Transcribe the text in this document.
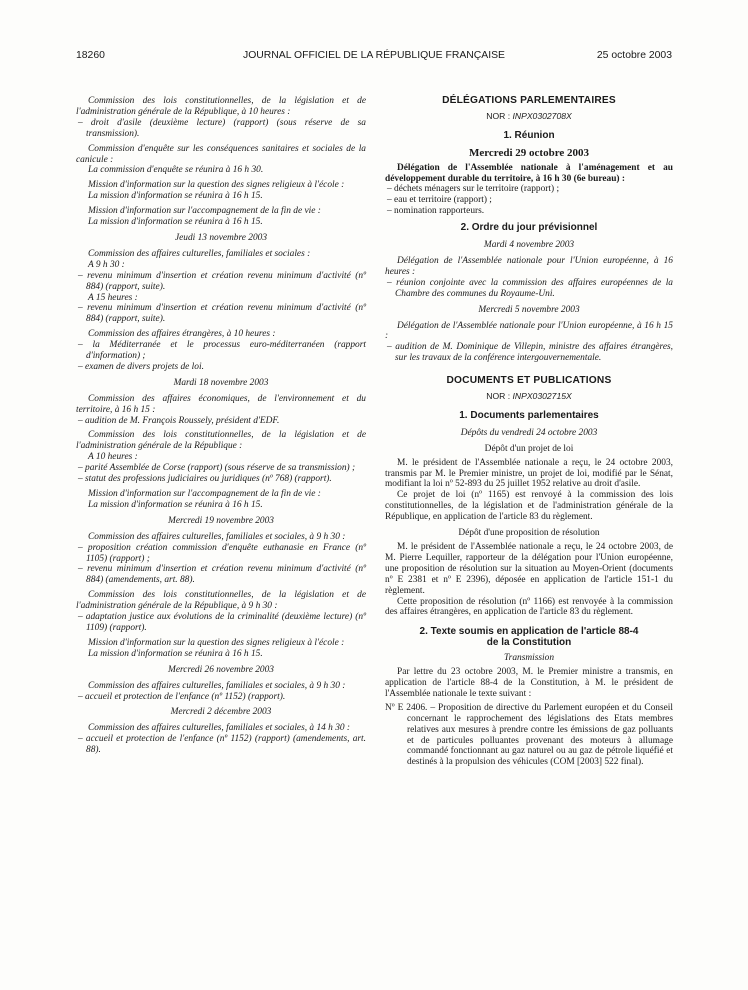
18260	JOURNAL OFFICIEL DE LA RÉPUBLIQUE FRANÇAISE	25 octobre 2003
Commission des lois constitutionnelles, de la législation et de l'administration générale de la République, à 10 heures :
– droit d'asile (deuxième lecture) (rapport) (sous réserve de sa transmission).
Commission d'enquête sur les conséquences sanitaires et sociales de la canicule :
La commission d'enquête se réunira à 16 h 30.
Mission d'information sur la question des signes religieux à l'école :
La mission d'information se réunira à 16 h 15.
Mission d'information sur l'accompagnement de la fin de vie :
La mission d'information se réunira à 16 h 15.
Jeudi 13 novembre 2003
Commission des affaires culturelles, familiales et sociales :
A 9 h 30 :
– revenu minimum d'insertion et création revenu minimum d'activité (nº 884) (rapport, suite).
A 15 heures :
– revenu minimum d'insertion et création revenu minimum d'activité (nº 884) (rapport, suite).
Commission des affaires étrangères, à 10 heures :
– la Méditerranée et le processus euro-méditerranéen (rapport d'information) ;
– examen de divers projets de loi.
Mardi 18 novembre 2003
Commission des affaires économiques, de l'environnement et du territoire, à 16 h 15 :
– audition de M. François Roussely, président d'EDF.
Commission des lois constitutionnelles, de la législation et de l'administration générale de la République :
A 10 heures :
– parité Assemblée de Corse (rapport) (sous réserve de sa transmission) ;
– statut des professions judiciaires ou juridiques (nº 768) (rapport).
Mission d'information sur l'accompagnement de la fin de vie :
La mission d'information se réunira à 16 h 15.
Mercredi 19 novembre 2003
Commission des affaires culturelles, familiales et sociales, à 9 h 30 :
– proposition création commission d'enquête euthanasie en France (nº 1105) (rapport) ;
– revenu minimum d'insertion et création revenu minimum d'activité (nº 884) (amendements, art. 88).
Commission des lois constitutionnelles, de la législation et de l'administration générale de la République, à 9 h 30 :
– adaptation justice aux évolutions de la criminalité (deuxième lecture) (nº 1109) (rapport).
Mission d'information sur la question des signes religieux à l'école :
La mission d'information se réunira à 16 h 15.
Mercredi 26 novembre 2003
Commission des affaires culturelles, familiales et sociales, à 9 h 30 :
– accueil et protection de l'enfance (nº 1152) (rapport).
Mercredi 2 décembre 2003
Commission des affaires culturelles, familiales et sociales, à 14 h 30 :
– accueil et protection de l'enfance (nº 1152) (rapport) (amendements, art. 88).
DÉLÉGATIONS PARLEMENTAIRES
NOR : INPX0302708X
1. Réunion
Mercredi 29 octobre 2003
Délégation de l'Assemblée nationale à l'aménagement et au développement durable du territoire, à 16 h 30 (6e bureau) :
– déchets ménagers sur le territoire (rapport) ;
– eau et territoire (rapport) ;
– nomination rapporteurs.
2. Ordre du jour prévisionnel
Mardi 4 novembre 2003
Délégation de l'Assemblée nationale pour l'Union européenne, à 16 heures :
– réunion conjointe avec la commission des affaires européennes de la Chambre des communes du Royaume-Uni.
Mercredi 5 novembre 2003
Délégation de l'Assemblée nationale pour l'Union européenne, à 16 h 15 :
– audition de M. Dominique de Villepin, ministre des affaires étrangères, sur les travaux de la conférence intergouvernementale.
DOCUMENTS ET PUBLICATIONS
NOR : INPX0302715X
1. Documents parlementaires
Dépôts du vendredi 24 octobre 2003
Dépôt d'un projet de loi
M. le président de l'Assemblée nationale a reçu, le 24 octobre 2003, transmis par M. le Premier ministre, un projet de loi, modifié par le Sénat, modifiant la loi nº 52-893 du 25 juillet 1952 relative au droit d'asile.
Ce projet de loi (nº 1165) est renvoyé à la commission des lois constitutionnelles, de la législation et de l'administration générale de la République, en application de l'article 83 du règlement.
Dépôt d'une proposition de résolution
M. le président de l'Assemblée nationale a reçu, le 24 octobre 2003, de M. Pierre Lequiller, rapporteur de la délégation pour l'Union européenne, une proposition de résolution sur la situation au Moyen-Orient (documents nº E 2381 et nº E 2396), déposée en application de l'article 151-1 du règlement.
Cette proposition de résolution (nº 1166) est renvoyée à la commission des affaires étrangères, en application de l'article 83 du règlement.
2. Texte soumis en application de l'article 88-4
de la Constitution
Transmission
Par lettre du 23 octobre 2003, M. le Premier ministre a transmis, en application de l'article 88-4 de la Constitution, à M. le président de l'Assemblée nationale le texte suivant :
Nº E 2406. – Proposition de directive du Parlement européen et du Conseil concernant le rapprochement des législations des Etats membres relatives aux mesures à prendre contre les émissions de gaz polluants et de particules polluantes provenant des moteurs à allumage commandé fonctionnant au gaz naturel ou au gaz de pétrole liquéfié et destinés à la propulsion des véhicules (COM [2003] 522 final).
